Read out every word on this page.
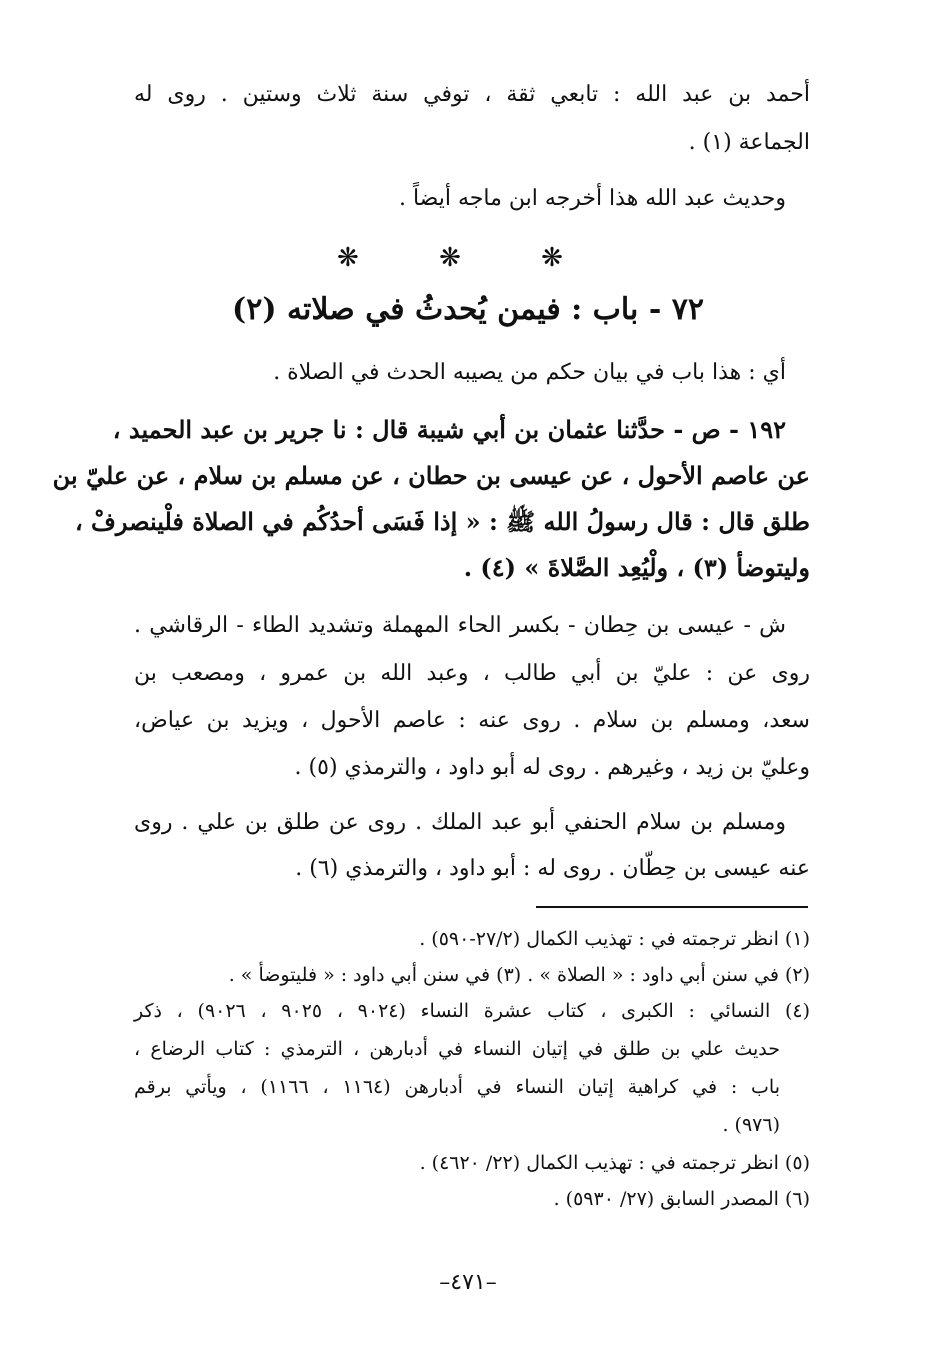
أحمد بن عبد الله : تابعي ثقة ، توفي سنة ثلاث وستين . روى له
الجماعة (١) .
وحديث عبد الله هذا أخرجه ابن ماجه أيضاً .
❋ ❋ ❋
٧٢ - باب : فيمن يُحدثُ في صلاته (٢)
أي : هذا باب في بيان حكم من يصيبه الحدث في الصلاة .
١٩٢ - ص - حدَّثنا عثمان بن أبي شيبة قال : نا جرير بن عبد الحميد ،
عن عاصم الأحول ، عن عيسى بن حطان ، عن مسلم بن سلام ، عن عليّ بن
طلق قال : قال رسولُ الله ﷺ : « إذا فَسَى أحدُكُم في الصلاة فلْينصرفْ ،
وليتوضأ (٣) ، ولْيُعِد الصَّلاةَ » (٤) .
ش - عيسى بن حِطان - بكسر الحاء المهملة وتشديد الطاء - الرقاشي .
روى عن : عليّ بن أبي طالب ، وعبد الله بن عمرو ، ومصعب بن
سعد، ومسلم بن سلام . روى عنه : عاصم الأحول ، ويزيد بن عياض،
وعليّ بن زيد ، وغيرهم . روى له أبو داود ، والترمذي (٥) .
ومسلم بن سلام الحنفي أبو عبد الملك . روى عن طلق بن علي . روى
عنه عيسى بن حِطّان . روى له : أبو داود ، والترمذي (٦) .
(١) انظر ترجمته في : تهذيب الكمال (٢٧/٢-٥٩٠) .
(٢) في سنن أبي داود : « الصلاة » . (٣) في سنن أبي داود : « فليتوضأ » .
(٤) النسائي : الكبرى ، كتاب عشرة النساء (٩٠٢٤ ، ٩٠٢٥ ، ٩٠٢٦) ، ذكر
حديث علي بن طلق في إتيان النساء في أدبارهن ، الترمذي : كتاب الرضاع ،
باب : في كراهية إتيان النساء في أدبارهن (١١٦٤ ، ١١٦٦) ، ويأتي برقم
(٩٧٦) .
(٥) انظر ترجمته في : تهذيب الكمال (٢٢/ ٤٦٢٠) .
(٦) المصدر السابق (٢٧/ ٥٩٣٠) .
–٤٧١–
